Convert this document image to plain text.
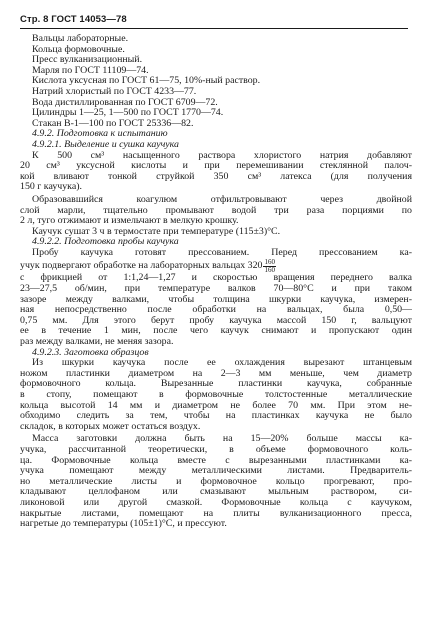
Стр. 8 ГОСТ 14053—78
Вальцы лабораторные.
Кольца формовочные.
Пресс вулканизационный.
Марля по ГОСТ 11109—74.
Кислота уксусная по ГОСТ 61—75, 10%-ный раствор.
Натрий хлористый по ГОСТ 4233—77.
Вода дистиллированная по ГОСТ 6709—72.
Цилиндры 1—25, 1—500 по ГОСТ 1770—74.
Стакан В-1—100 по ГОСТ 25336—82.
4.9.2. Подготовка к испытанию
4.9.2.1. Выделение и сушка каучука
К 500 см³ насыщенного раствора хлористого натрия добавляют
20 см³ уксусной кислоты и при перемешивании стеклянной палоч-
кой вливают тонкой струйкой 350 см³ латекса (для получения
150 г каучука).
Образовавшийся коагулюм отфильтровывают через двойной
слой марли, тщательно промывают водой три раза порциями по
2 л, туго отжимают и измельчают в мелкую крошку.
Каучук сушат 3 ч в термостате при температуре (115±3)°С.
4.9.2.2. Подготовка пробы каучука
Пробу каучука готовят прессованием. Перед прессованием ка-
учук подвергают обработке на лабораторных вальцах $320 \frac{160}{160}$
с фрикцией от 1:1,24—1,27 и скоростью вращения переднего валка
23—27,5 об/мин, при температуре валков 70—80°С и при таком
зазоре между валками, чтобы толщина шкурки каучука, измерен-
ная непосредственно после обработки на вальцах, была 0,50—
0,75 мм. Для этого берут пробу каучука массой 150 г, вальцуют
ее в течение 1 мин, после чего каучук снимают и пропускают один
раз между валками, не меняя зазора.
4.9.2.3. Заготовка образцов
Из шкурки каучука после ее охлаждения вырезают штанцевым
ножом пластинки диаметром на 2—3 мм меньше, чем диаметр
формовочного кольца. Вырезанные пластинки каучука, собранные
в стопу, помещают в формовочные толстостенные металлические
кольца высотой 14 мм и диаметром не более 70 мм. При этом не-
обходимо следить за тем, чтобы на пластинках каучука не было
складок, в которых может остаться воздух.
Масса заготовки должна быть на 15—20% больше массы ка-
учука, рассчитанной теоретически, в объеме формовочного коль-
ца. Формовочные кольца вместе с вырезанными пластинками ка-
учука помещают между металлическими листами. Предваритель-
но металлические листы и формовочное кольцо прогревают, про-
кладывают целлофаном или смазывают мыльным раствором, си-
ликоновой или другой смазкой. Формовочные кольца с каучуком,
накрытые листами, помещают на плиты вулканизационного пресса,
нагретые до температуры (105±1)°С, и прессуют.
